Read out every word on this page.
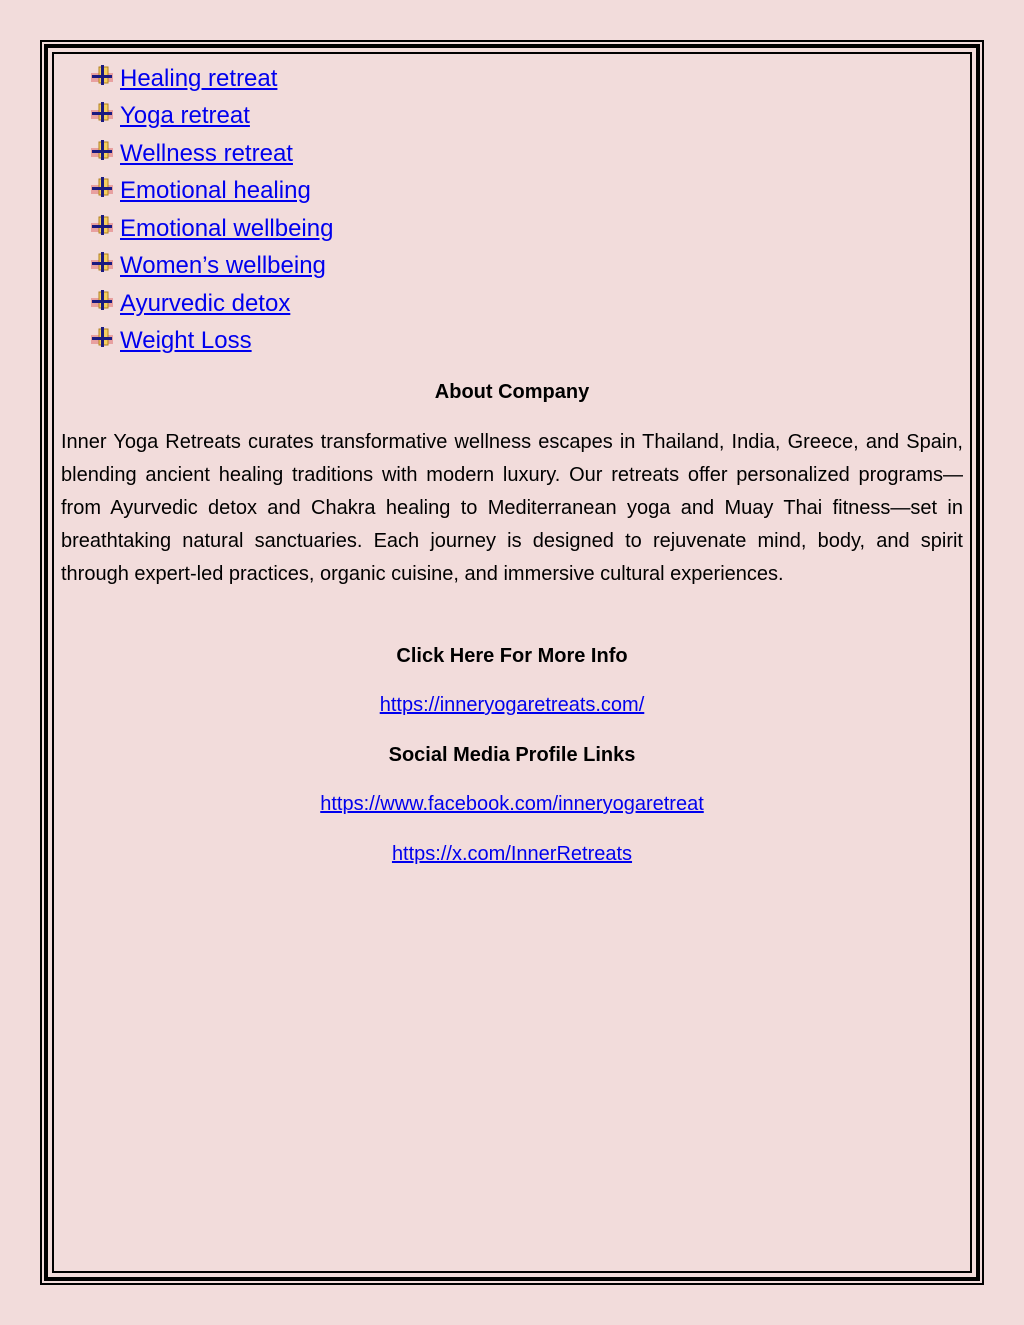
Healing retreat
Yoga retreat
Wellness retreat
Emotional healing
Emotional wellbeing
Women’s wellbeing
Ayurvedic detox
Weight Loss
About Company

Inner Yoga Retreats curates transformative wellness escapes in Thailand, India, Greece, and Spain, blending ancient healing traditions with modern luxury. Our retreats offer personalized programs—from Ayurvedic detox and Chakra healing to Mediterranean yoga and Muay Thai fitness—set in breathtaking natural sanctuaries. Each journey is designed to rejuvenate mind, body, and spirit through expert-led practices, organic cuisine, and immersive cultural experiences.

Click Here For More Info
https://inneryogaretreats.com/
Social Media Profile Links
https://www.facebook.com/inneryogaretreat
https://x.com/InnerRetreats
